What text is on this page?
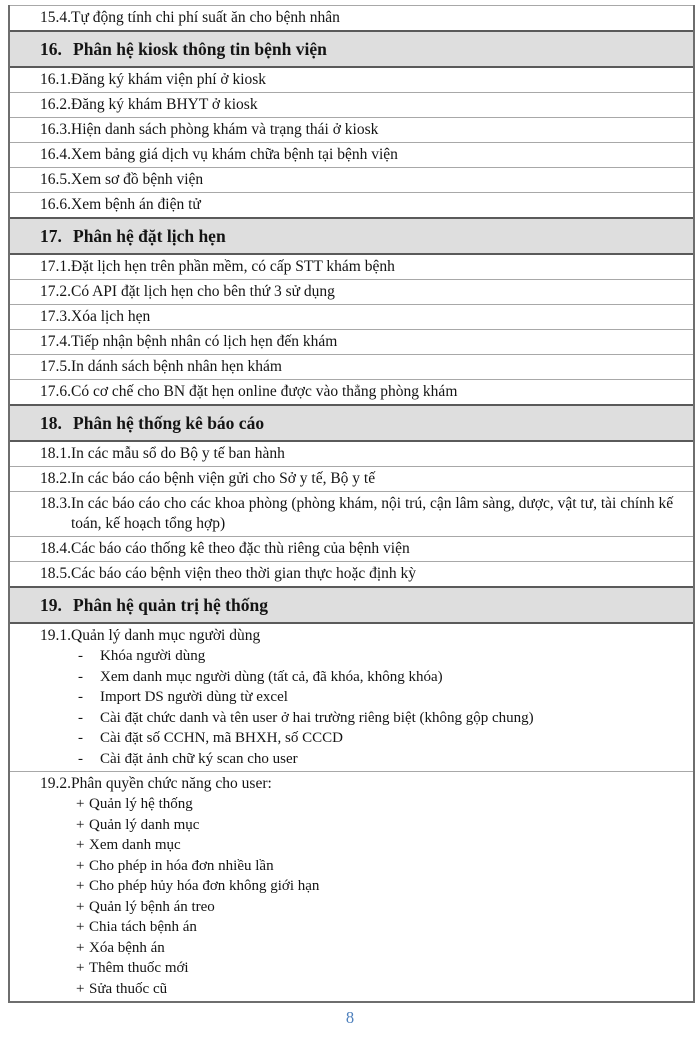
15.4. Tự động tính chi phí suất ăn cho bệnh nhân
16. Phân hệ kiosk thông tin bệnh viện
16.1. Đăng ký khám viện phí ở kiosk
16.2. Đăng ký khám BHYT ở kiosk
16.3. Hiện danh sách phòng khám và trạng thái ở kiosk
16.4. Xem bảng giá dịch vụ khám chữa bệnh tại bệnh viện
16.5. Xem sơ đồ bệnh viện
16.6. Xem bệnh án điện tử
17. Phân hệ đặt lịch hẹn
17.1. Đặt lịch hẹn trên phần mềm, có cấp STT khám bệnh
17.2. Có API đặt lịch hẹn cho bên thứ 3 sử dụng
17.3. Xóa lịch hẹn
17.4. Tiếp nhận bệnh nhân có lịch hẹn đến khám
17.5. In dánh sách bệnh nhân hẹn khám
17.6. Có cơ chế cho BN đặt hẹn online được vào thẳng phòng khám
18. Phân hệ thống kê báo cáo
18.1. In các mẫu sổ do Bộ y tế ban hành
18.2. In các báo cáo bệnh viện gửi cho Sở y tế, Bộ y tế
18.3. In các báo cáo cho các khoa phòng (phòng khám, nội trú, cận lâm sàng, dược, vật tư, tài chính kế toán, kế hoạch tổng hợp)
18.4. Các báo cáo thống kê theo đặc thù riêng của bệnh viện
18.5. Các báo cáo bệnh viện theo thời gian thực hoặc định kỳ
19. Phân hệ quản trị hệ thống
19.1. Quản lý danh mục người dùng
-	Khóa người dùng
-	Xem danh mục người dùng (tất cả, đã khóa, không khóa)
-	Import DS người dùng từ excel
-	Cài đặt chức danh và tên user ở hai trường riêng biệt (không gộp chung)
-	Cài đặt số CCHN, mã BHXH, số CCCD
-	Cài đặt ảnh chữ ký scan cho user
19.2. Phân quyền chức năng cho user:
+ Quản lý hệ thống
+ Quản lý danh mục
+ Xem danh mục
+ Cho phép in hóa đơn nhiều lần
+ Cho phép hủy hóa đơn không giới hạn
+ Quản lý bệnh án treo
+ Chia tách bệnh án
+ Xóa bệnh án
+ Thêm thuốc mới
+ Sửa thuốc cũ
8
